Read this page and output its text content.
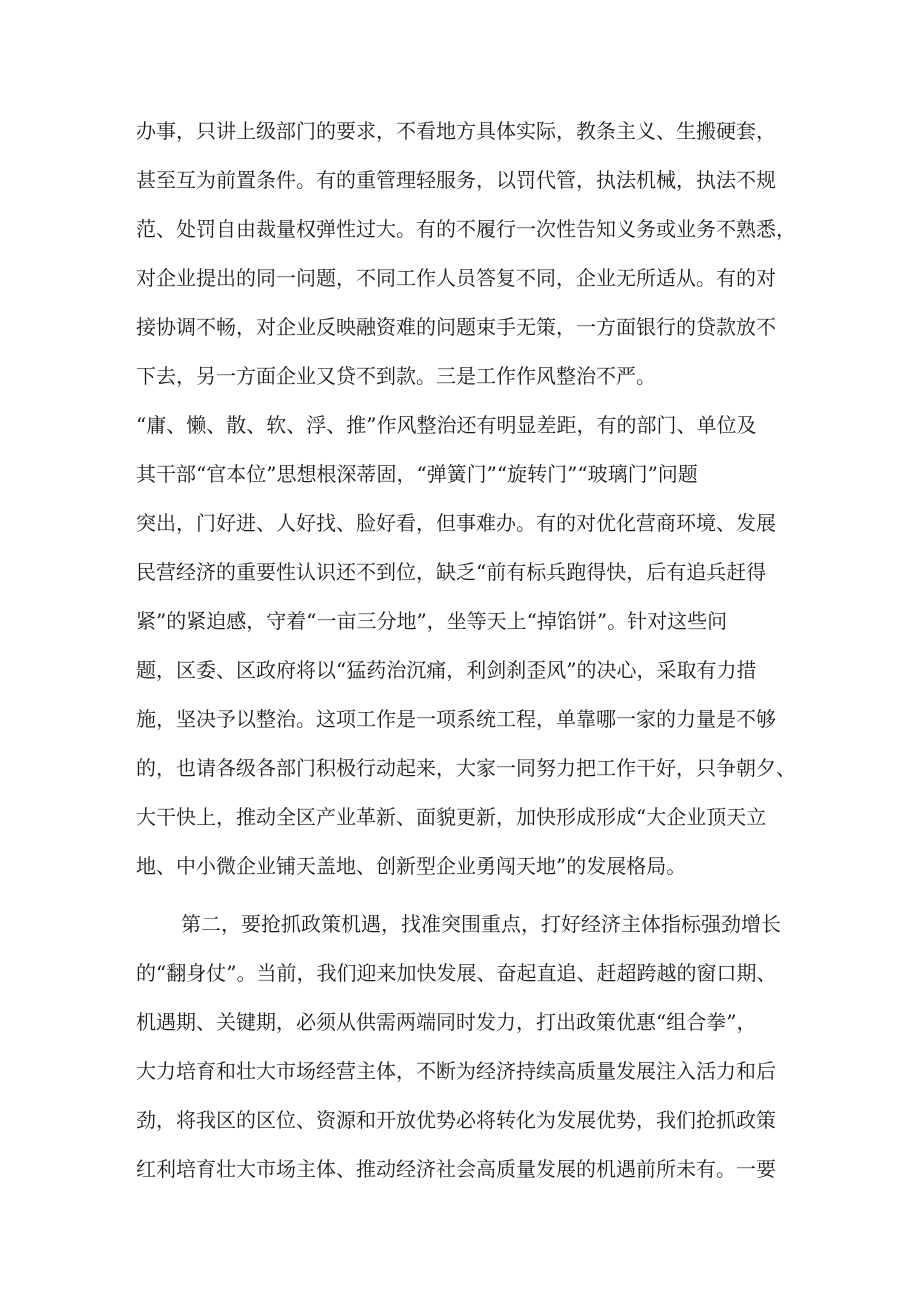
办事，只讲上级部门的要求，不看地方具体实际，教条主义、生搬硬套，
甚至互为前置条件。有的重管理轻服务，以罚代管，执法机械，执法不规
范、处罚自由裁量权弹性过大。有的不履行一次性告知义务或业务不熟悉，
对企业提出的同一问题，不同工作人员答复不同，企业无所适从。有的对
接协调不畅，对企业反映融资难的问题束手无策，一方面银行的贷款放不
下去，另一方面企业又贷不到款。三是工作作风整治不严。
“庸、懒、散、软、浮、推”作风整治还有明显差距，有的部门、单位及
其干部“官本位”思想根深蒂固，“弹簧门”“旋转门”“玻璃门”问题
突出，门好进、人好找、脸好看，但事难办。有的对优化营商环境、发展
民营经济的重要性认识还不到位，缺乏“前有标兵跑得快，后有追兵赶得
紧”的紧迫感，守着“一亩三分地”，坐等天上“掉馅饼”。针对这些问
题，区委、区政府将以“猛药治沉痛，利剑刹歪风”的决心，采取有力措
施，坚决予以整治。这项工作是一项系统工程，单靠哪一家的力量是不够
的，也请各级各部门积极行动起来，大家一同努力把工作干好，只争朝夕、
大干快上，推动全区产业革新、面貌更新，加快形成形成“大企业顶天立
地、中小微企业铺天盖地、创新型企业勇闯天地”的发展格局。
第二，要抢抓政策机遇，找准突围重点，打好经济主体指标强劲增长
的“翻身仗”。当前，我们迎来加快发展、奋起直追、赶超跨越的窗口期、
机遇期、关键期，必须从供需两端同时发力，打出政策优惠“组合拳”，
大力培育和壮大市场经营主体，不断为经济持续高质量发展注入活力和后
劲，将我区的区位、资源和开放优势必将转化为发展优势，我们抢抓政策
红利培育壮大市场主体、推动经济社会高质量发展的机遇前所未有。一要
